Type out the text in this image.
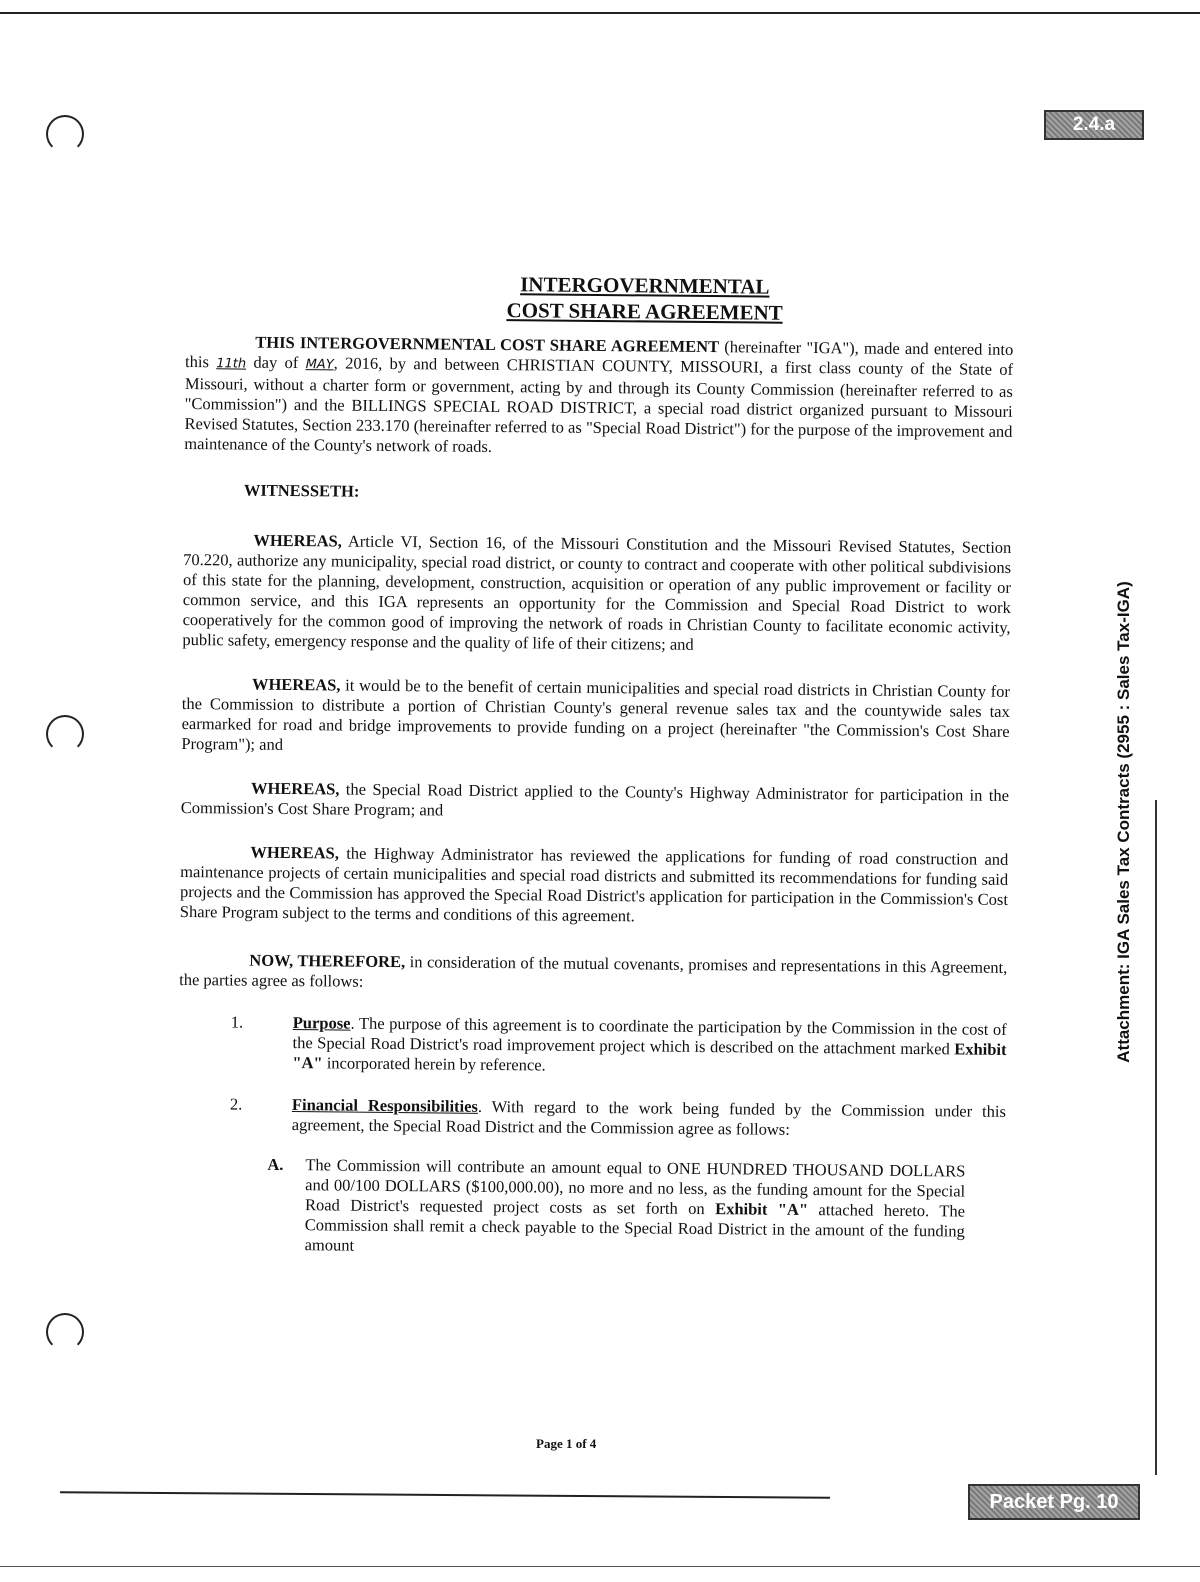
2.4.a
INTERGOVERNMENTAL
COST SHARE AGREEMENT

THIS INTERGOVERNMENTAL COST SHARE AGREEMENT (hereinafter "IGA"), made and entered into this 11th day of MAY, 2016, by and between CHRISTIAN COUNTY, MISSOURI, a first class county of the State of Missouri, without a charter form or government, acting by and through its County Commission (hereinafter referred to as "Commission") and the BILLINGS SPECIAL ROAD DISTRICT, a special road district organized pursuant to Missouri Revised Statutes, Section 233.170 (hereinafter referred to as "Special Road District") for the purpose of the improvement and maintenance of the County's network of roads.

WITNESSETH:

WHEREAS, Article VI, Section 16, of the Missouri Constitution and the Missouri Revised Statutes, Section 70.220, authorize any municipality, special road district, or county to contract and cooperate with other political subdivisions of this state for the planning, development, construction, acquisition or operation of any public improvement or facility or common service, and this IGA represents an opportunity for the Commission and Special Road District to work cooperatively for the common good of improving the network of roads in Christian County to facilitate economic activity, public safety, emergency response and the quality of life of their citizens; and

WHEREAS, it would be to the benefit of certain municipalities and special road districts in Christian County for the Commission to distribute a portion of Christian County's general revenue sales tax and the countywide sales tax earmarked for road and bridge improvements to provide funding on a project (hereinafter "the Commission's Cost Share Program"); and

WHEREAS, the Special Road District applied to the County's Highway Administrator for participation in the Commission's Cost Share Program; and

WHEREAS, the Highway Administrator has reviewed the applications for funding of road construction and maintenance projects of certain municipalities and special road districts and submitted its recommendations for funding said projects and the Commission has approved the Special Road District's application for participation in the Commission's Cost Share Program subject to the terms and conditions of this agreement.

NOW, THEREFORE, in consideration of the mutual covenants, promises and representations in this Agreement, the parties agree as follows:

1.	Purpose. The purpose of this agreement is to coordinate the participation by the Commission in the cost of the Special Road District's road improvement project which is described on the attachment marked Exhibit "A" incorporated herein by reference.

2.	Financial Responsibilities. With regard to the work being funded by the Commission under this agreement, the Special Road District and the Commission agree as follows:

A.	The Commission will contribute an amount equal to ONE HUNDRED THOUSAND DOLLARS and 00/100 DOLLARS ($100,000.00), no more and no less, as the funding amount for the Special Road District's requested project costs as set forth on Exhibit "A" attached hereto. The Commission shall remit a check payable to the Special Road District in the amount of the funding amount

Attachment: IGA Sales Tax Contracts (2955 : Sales Tax-IGA)
Page 1 of 4
Packet Pg. 10
